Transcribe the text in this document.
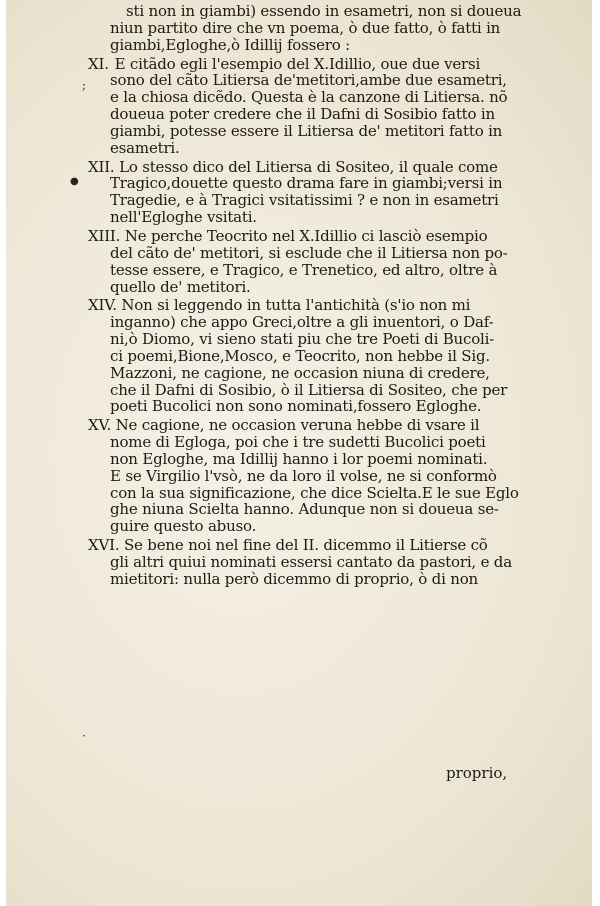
;
●
·
sti non in giambi) essendo in esametri, non si doueua
niun partito dire che vn poema, ò due fatto, ò fatti in
giambi,Egloghe,ò Idillij fossero :
XI. E citãdo egli l'esempio del X.Idillio, oue due versi
sono del cãto Litiersa de'metitori,ambe due esametri,
e la chiosa dicẽdo. Questa è la canzone di Litiersa. nõ
doueua poter credere che il Dafni di Sosibio fatto in
giambi, potesse essere il Litiersa de' metitori fatto in
esametri.
XII. Lo stesso dico del Litiersa di Sositeo, il quale come
Tragico,douette questo drama fare in giambi;versi in
Tragedie, e à Tragici vsitatissimi ? e non in esametri
nell'Egloghe vsitati.
XIII. Ne perche Teocrito nel X.Idillio ci lasciò esempio
del cãto de' metitori, si esclude che il Litiersa non po-
tesse essere, e Tragico, e Trenetico, ed altro, oltre à
quello de' metitori.
XIV. Non si leggendo in tutta l'antichità (s'io non mi
inganno) che appo Greci,oltre a gli inuentori, o Daf-
ni,ò Diomo, vi sieno stati piu che tre Poeti di Bucoli-
ci poemi,Bione,Mosco, e Teocrito, non hebbe il Sig.
Mazzoni, ne cagione, ne occasion niuna di credere,
che il Dafni di Sosibio, ò il Litiersa di Sositeo, che per
poeti Bucolici non sono nominati,fossero Egloghe.
XV. Ne cagione, ne occasion veruna hebbe di vsare il
nome di Egloga, poi che i tre sudetti Bucolici poeti
non Egloghe, ma Idillij hanno i lor poemi nominati.
E se Virgilio l'vsò, ne da loro il volse, ne si conformò
con la sua significazione, che dice Scielta.E le sue Eglo
ghe niuna Scielta hanno. Adunque non si doueua se-
guire questo abuso.
XVI. Se bene noi nel fine del II. dicemmo il Litierse cõ
gli altri quiui nominati essersi cantato da pastori, e da
mietitori: nulla però dicemmo di proprio, ò di non
proprio,
